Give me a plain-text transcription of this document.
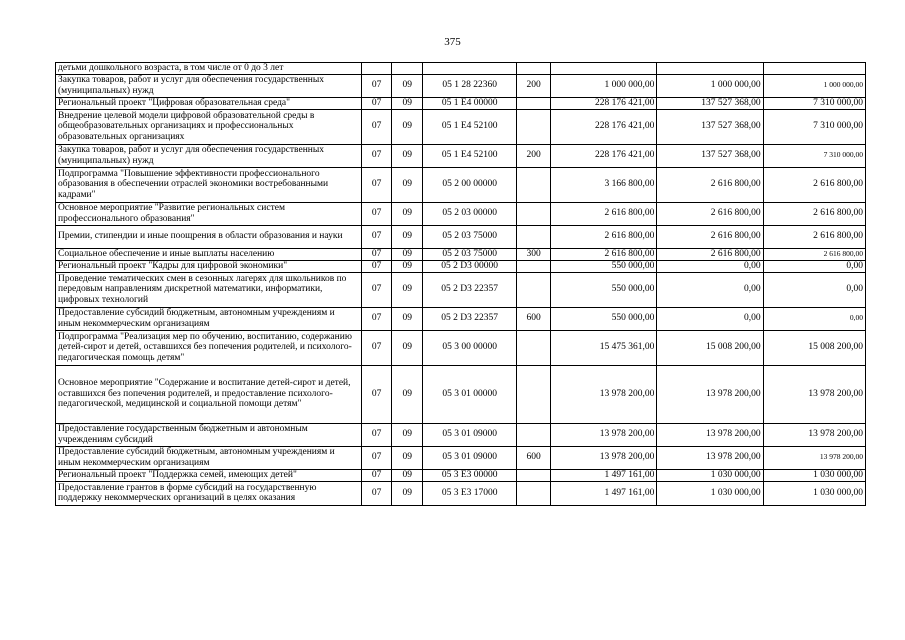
375
детьми дошкольного возраста, в том числе от 0 до 3 лет							
Закупка товаров, работ и услуг для обеспечения государственных (муниципальных) нужд	07	09	05 1 28 22360	200	1 000 000,00	1 000 000,00	1 000 000,00
Региональный проект "Цифровая образовательная среда"	07	09	05 1 Е4 00000		228 176 421,00	137 527 368,00	7 310 000,00
Внедрение целевой модели цифровой образовательной среды в общеобразовательных организациях и профессиональных образовательных организациях	07	09	05 1 Е4 52100		228 176 421,00	137 527 368,00	7 310 000,00
Закупка товаров, работ и услуг для обеспечения государственных (муниципальных) нужд	07	09	05 1 Е4 52100	200	228 176 421,00	137 527 368,00	7 310 000,00
Подпрограмма "Повышение эффективности профессионального образования в обеспечении отраслей экономики востребованными кадрами"	07	09	05 2 00 00000		3 166 800,00	2 616 800,00	2 616 800,00
Основное мероприятие "Развитие региональных систем профессионального образования"	07	09	05 2 03 00000		2 616 800,00	2 616 800,00	2 616 800,00
Премии, стипендии и иные поощрения в области образования и науки	07	09	05 2 03 75000		2 616 800,00	2 616 800,00	2 616 800,00
Социальное обеспечение и иные выплаты населению	07	09	05 2 03 75000	300	2 616 800,00	2 616 800,00	2 616 800,00
Региональный проект "Кадры для цифровой экономики"	07	09	05 2 D3 00000		550 000,00	0,00	0,00
Проведение тематических смен в сезонных лагерях для школьников по передовым направлениям дискретной математики, информатики, цифровых технологий	07	09	05 2 D3 22357		550 000,00	0,00	0,00
Предоставление субсидий бюджетным, автономным учреждениям и иным некоммерческим организациям	07	09	05 2 D3 22357	600	550 000,00	0,00	0,00
Подпрограмма "Реализация мер по обучению, воспитанию, содержанию детей-сирот и детей, оставшихся без попечения родителей, и психолого-педагогическая помощь детям"	07	09	05 3 00 00000		15 475 361,00	15 008 200,00	15 008 200,00
Основное мероприятие "Содержание и воспитание детей-сирот и детей, оставшихся без попечения родителей, и предоставление психолого-педагогической, медицинской и социальной помощи детям"	07	09	05 3 01 00000		13 978 200,00	13 978 200,00	13 978 200,00
Предоставление государственным бюджетным и автономным учреждениям субсидий	07	09	05 3 01 09000		13 978 200,00	13 978 200,00	13 978 200,00
Предоставление субсидий бюджетным, автономным учреждениям и иным некоммерческим организациям	07	09	05 3 01 09000	600	13 978 200,00	13 978 200,00	13 978 200,00
Региональный проект "Поддержка семей, имеющих детей"	07	09	05 3 Е3 00000		1 497 161,00	1 030 000,00	1 030 000,00
Предоставление грантов в форме субсидий на государственную поддержку некоммерческих организаций в целях оказания	07	09	05 3 Е3 17000		1 497 161,00	1 030 000,00	1 030 000,00
